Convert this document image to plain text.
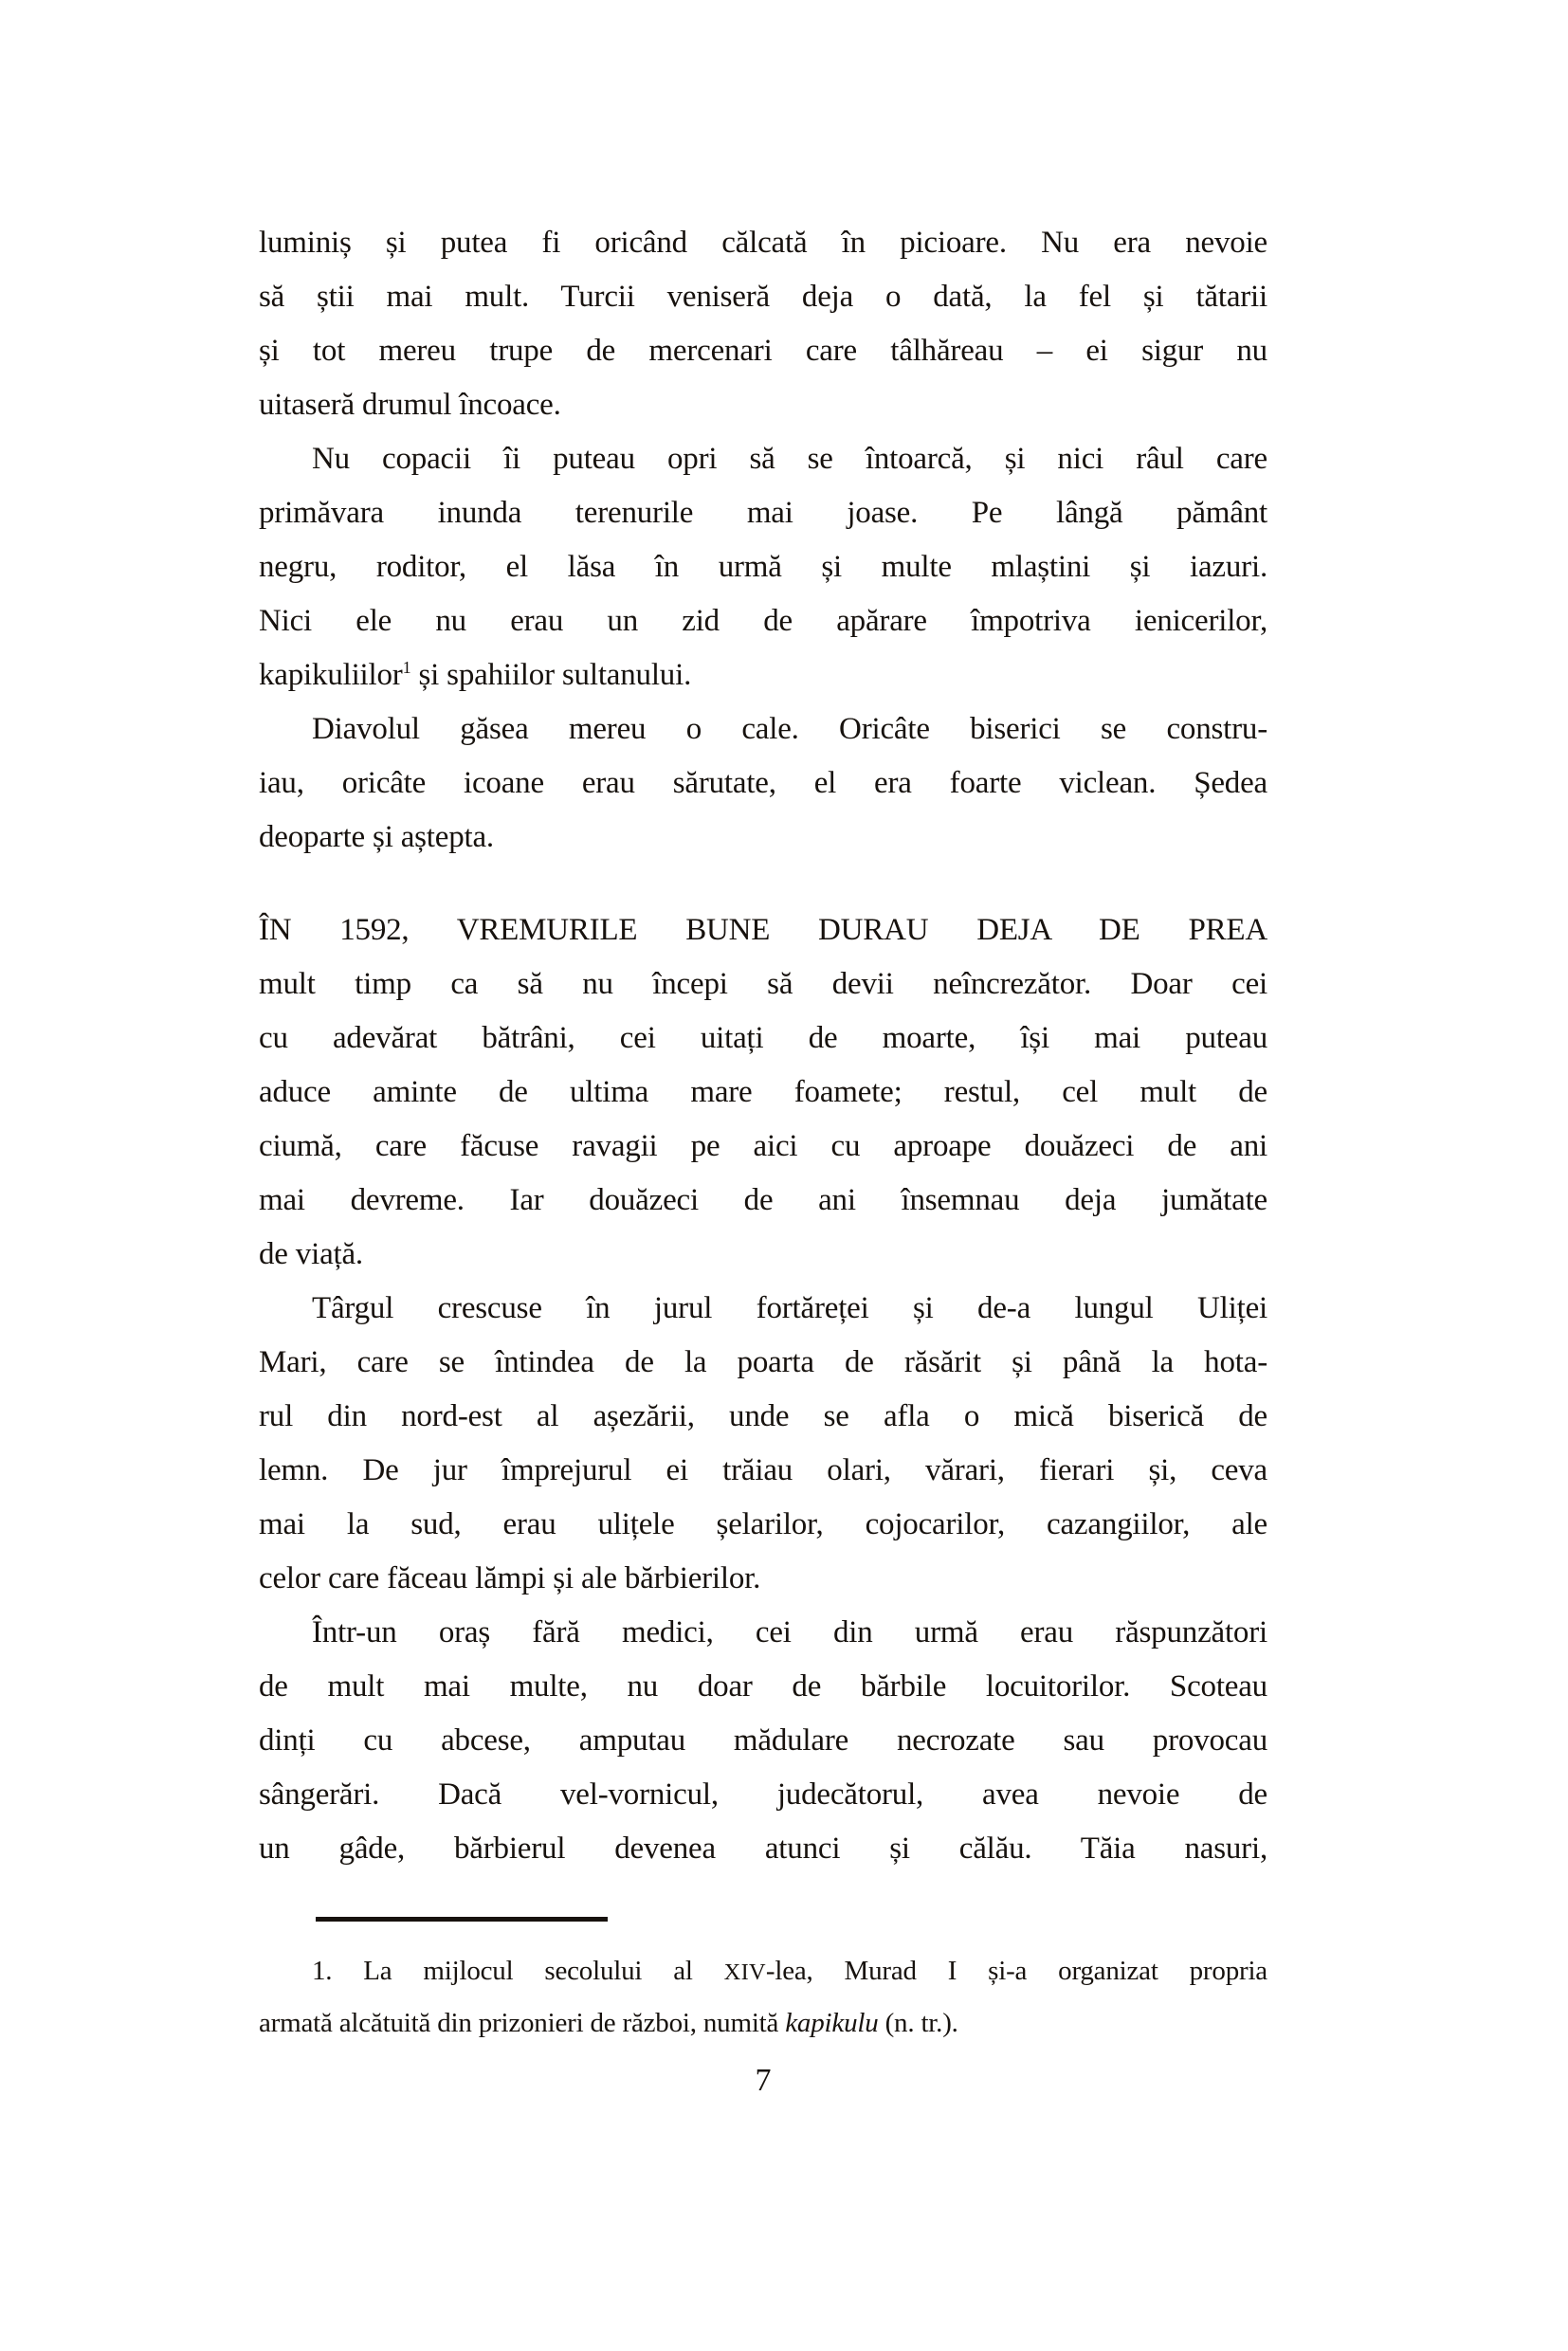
luminiș și putea fi oricând călcată în picioare. Nu era nevoie
să știi mai mult. Turcii veniseră deja o dată, la fel și tătarii
și tot mereu trupe de mercenari care tâlhăreau – ei sigur nu
uitaseră drumul încoace.
Nu copacii îi puteau opri să se întoarcă, și nici râul care
primăvara inunda terenurile mai joase. Pe lângă pământ
negru, roditor, el lăsa în urmă și multe mlaștini și iazuri.
Nici ele nu erau un zid de apărare împotriva ienicerilor,
kapikuliilor$^1$ și spahiilor sultanului.
Diavolul găsea mereu o cale. Oricâte biserici se constru-
iau, oricâte icoane erau sărutate, el era foarte viclean. Ședea
deoparte și aștepta.
ÎN 1592, VREMURILE BUNE DURAU DEJA DE PREA
mult timp ca să nu începi să devii neîncrezător. Doar cei
cu adevărat bătrâni, cei uitați de moarte, își mai puteau
aduce aminte de ultima mare foamete; restul, cel mult de
ciumă, care făcuse ravagii pe aici cu aproape douăzeci de ani
mai devreme. Iar douăzeci de ani însemnau deja jumătate
de viață.
Târgul crescuse în jurul fortăreței și de-a lungul Uliței
Mari, care se întindea de la poarta de răsărit și până la hota-
rul din nord-est al așezării, unde se afla o mică biserică de
lemn. De jur împrejurul ei trăiau olari, vărari, fierari și, ceva
mai la sud, erau ulițele șelarilor, cojocarilor, cazangiilor, ale
celor care făceau lămpi și ale bărbierilor.
Într-un oraș fără medici, cei din urmă erau răspunzători
de mult mai multe, nu doar de bărbile locuitorilor. Scoteau
dinți cu abcese, amputau mădulare necrozate sau provocau
sângerări. Dacă vel-vornicul, judecătorul, avea nevoie de
un gâde, bărbierul devenea atunci și călău. Tăia nasuri,
1. La mijlocul secolului al XIV-lea, Murad I și-a organizat propria
armată alcătuită din prizonieri de război, numită kapikulu (n. tr.).
7
